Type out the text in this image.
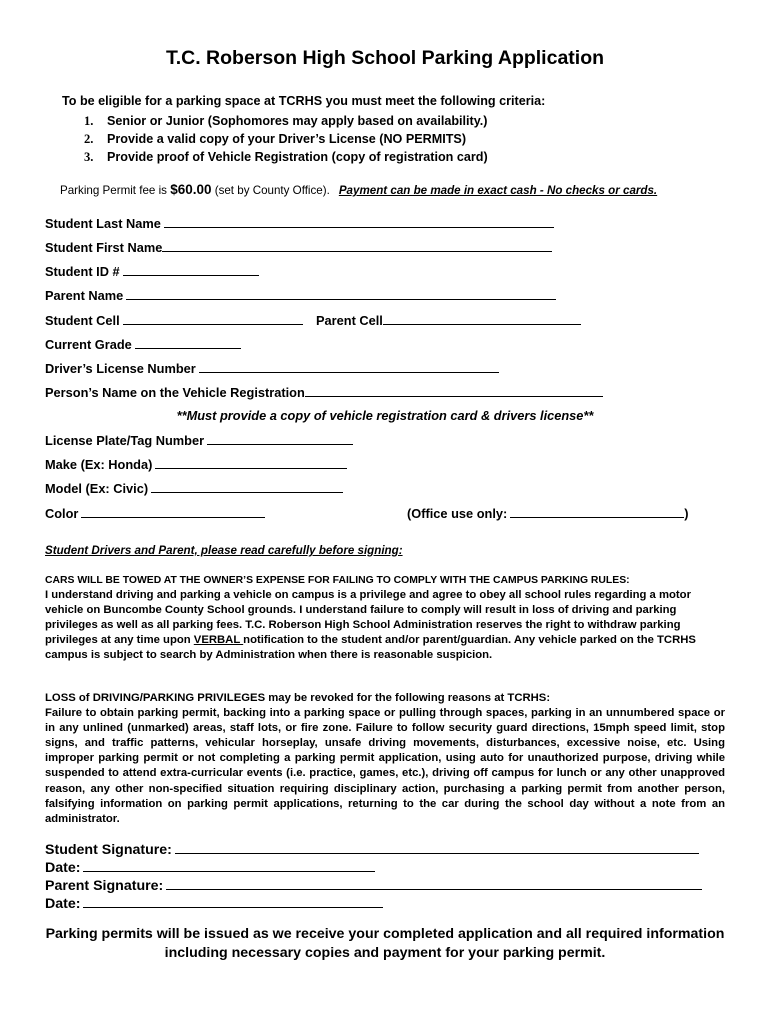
T.C. Roberson High School Parking Application
To be eligible for a parking space at TCRHS you must meet the following criteria:
1. Senior or Junior (Sophomores may apply based on availability.)
2. Provide a valid copy of your Driver’s License (NO PERMITS)
3. Provide proof of Vehicle Registration (copy of registration card)
Parking Permit fee is $60.00 (set by County Office). Payment can be made in exact cash - No checks or cards.
Student Last Name
Student First Name
Student ID #
Parent Name
Student Cell	Parent Cell
Current Grade
Driver’s License Number
Person’s Name on the Vehicle Registration
**Must provide a copy of vehicle registration card & drivers license**
License Plate/Tag Number
Make (Ex: Honda)
Model (Ex: Civic)
Color	(Office use only:	)
Student Drivers and Parent, please read carefully before signing:

CARS WILL BE TOWED AT THE OWNER’S EXPENSE FOR FAILING TO COMPLY WITH THE CAMPUS PARKING RULES:
I understand driving and parking a vehicle on campus is a privilege and agree to obey all school rules regarding a motor vehicle on Buncombe County School grounds. I understand failure to comply will result in loss of driving and parking privileges as well as all parking fees. T.C. Roberson High School Administration reserves the right to withdraw parking privileges at any time upon VERBAL notification to the student and/or parent/guardian. Any vehicle parked on the TCRHS campus is subject to search by Administration when there is reasonable suspicion.

LOSS of DRIVING/PARKING PRIVILEGES may be revoked for the following reasons at TCRHS:
Failure to obtain parking permit, backing into a parking space or pulling through spaces, parking in an unnumbered space or in any unlined (unmarked) areas, staff lots, or fire zone. Failure to follow security guard directions, 15mph speed limit, stop signs, and traffic patterns, vehicular horseplay, unsafe driving movements, disturbances, excessive noise, etc. Using improper parking permit or not completing a parking permit application, using auto for unauthorized purpose, driving while suspended to attend extra-curricular events (i.e. practice, games, etc.), driving off campus for lunch or any other unapproved reason, any other non-specified situation requiring disciplinary action, purchasing a parking permit from another person, falsifying information on parking permit applications, returning to the car during the school day without a note from an administrator.

Student Signature:
Date:
Parent Signature:
Date:
Parking permits will be issued as we receive your completed application and all required information including necessary copies and payment for your parking permit.
